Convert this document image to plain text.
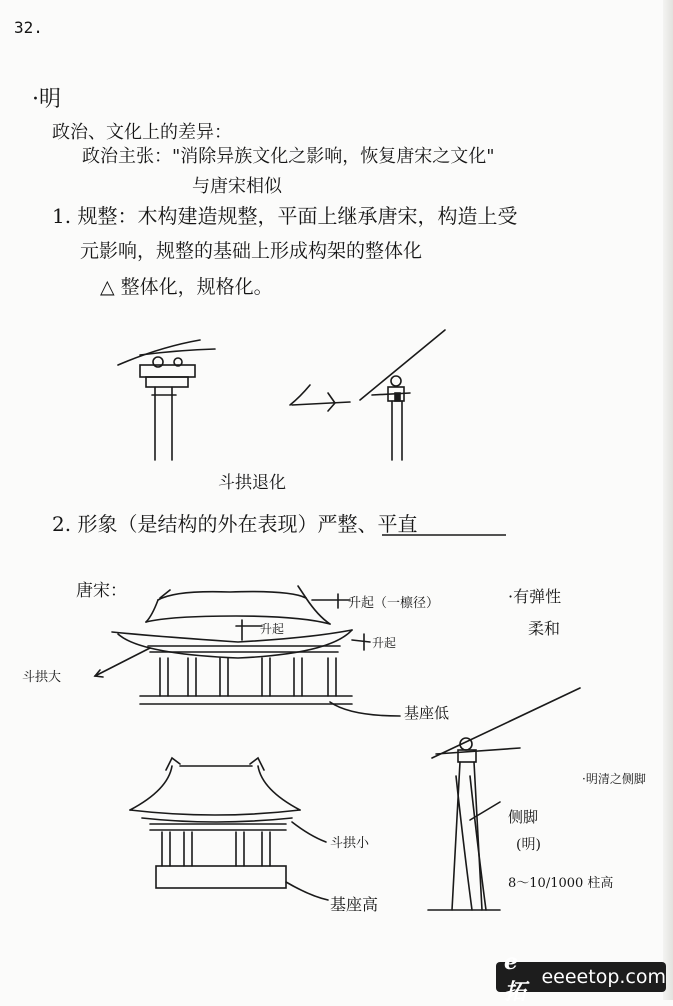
32.
·明
政治、文化上的差异：
政治主张："消除异族文化之影响，恢复唐宋之文化"
与唐宋相似
1. 规整：木构建造规整，平面上继承唐宋，构造上受
元影响，规整的基础上形成构架的整体化
△ 整体化，规格化。
斗拱退化
2. 形象（是结构的外在表现）严整、平直
唐宋：
升起（一檩径）
升起
升起
·有弹性
柔和
斗拱大
基座低
·明清之侧脚
斗拱小
侧脚
(明)
8～10/1000 柱高
基座高
e拓
eeeetop.com
